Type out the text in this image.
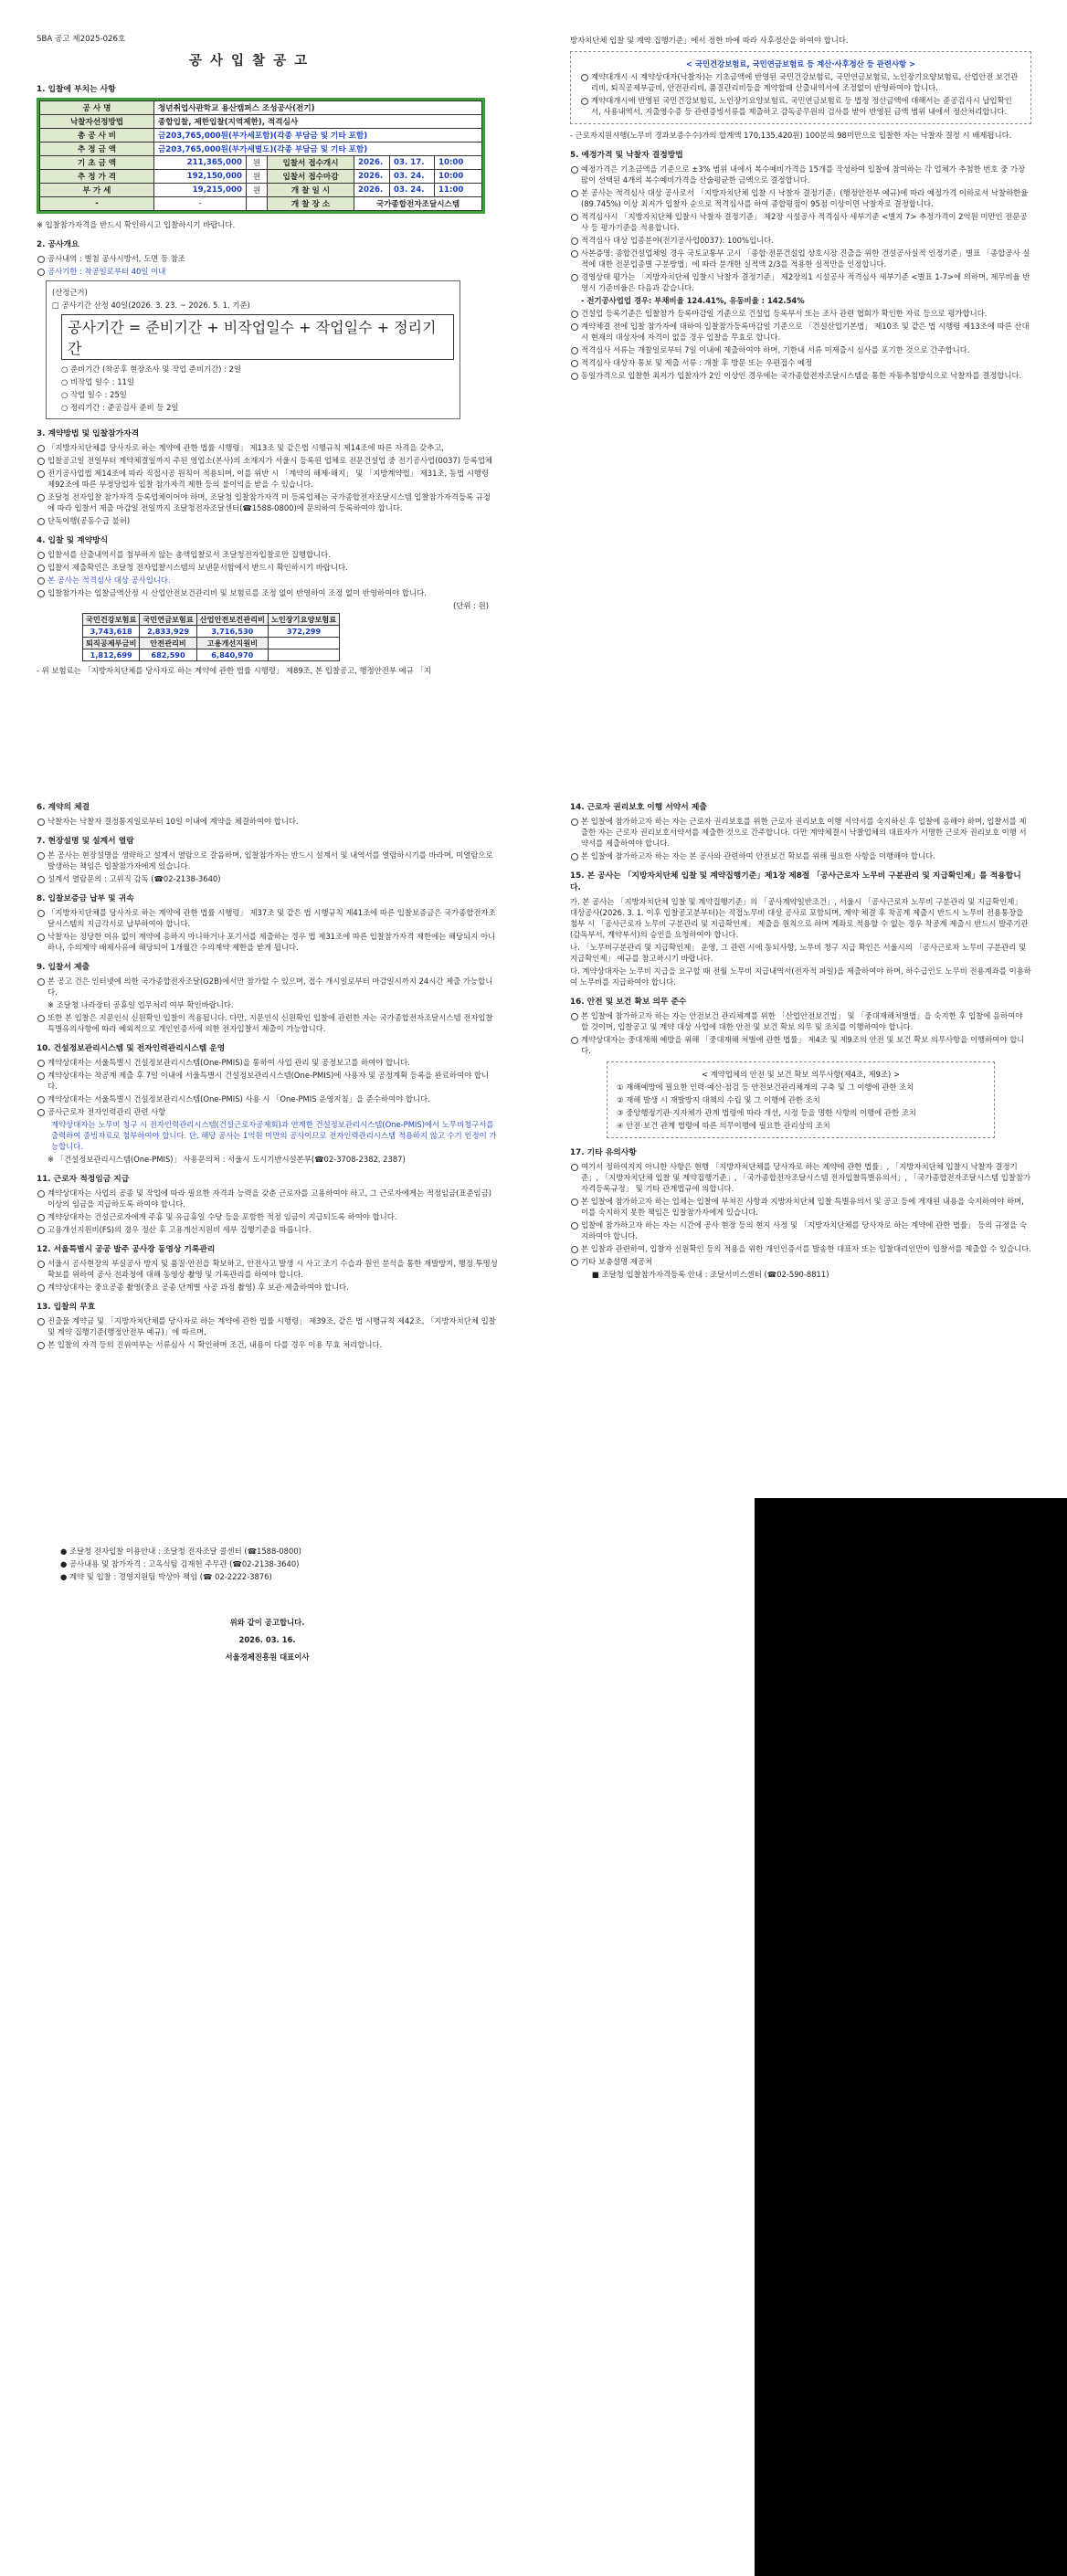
SBA 공고 제2025-026호
공 사 입 찰 공 고
1. 입찰에 부치는 사항
공 사 명	청년취업사관학교 용산캠퍼스 조성공사(전기)					
낙찰자선정방법	종합입찰, 제한입찰(지역제한), 적격심사					
총 공 사 비	금203,765,000원(부가세포함)(각종 부담금 및 기타 포함)					
추 정 금 액	금203,765,000원(부가세별도)(각종 부담금 및 기타 포함)					
기 초 금 액	211,365,000	원	입찰서 접수개시	2026.	03. 17.	10:00
추 정 가 격	192,150,000	원	입찰서 접수마감	2026.	03. 24.	10:00
부 가 세	19,215,000	원	개 찰 일 시	2026.	03. 24.	11:00
-	-		개 찰 장 소	국가종합전자조달시스템		
※ 입찰참가자격을 반드시 확인하시고 입찰하시기 바랍니다.
2. 공사개요
공사내역 : 별첨 공사시방서, 도면 등 참조
공사기한 : 착공일로부터 40일 이내
(산정근거)
□ 공사기간 산정 40일(2026. 3. 23. ~ 2026. 5. 1. 기준)
공사기간 = 준비기간 + 비작업일수 + 작업일수 + 정리기간
○ 준비기간 (착공후 현장조사 및 작업 준비기간) : 2일
○ 비작업 일수 : 11일
○ 작업 일수 : 25일
○ 정리기간 : 준공검사 준비 등 2일
3. 계약방법 및 입찰참가자격
「지방자치단체를 당사자로 하는 계약에 관한 법률 시행령」 제13조 및 같은법 시행규칙 제14조에 따른 자격을 갖추고,
입찰공고일 전일부터 계약체결일까지 주된 영업소(본사)의 소재지가 서울시 등록된 업체로 전문건설업 중 전기공사업(0037) 등록업체
전기공사업법 제14조에 따라 직접시공 원칙이 적용되며, 이를 위반 시 「계약의 해제·해지」 및 「지방계약법」 제31조, 동법 시행령 제92조에 따른 부정당업자 입찰 참가자격 제한 등의 불이익을 받을 수 있습니다.
조달청 전자입찰 참가자격 등록업체이어야 하며, 조달청 입찰참가자격 미 등록업체는 국가종합전자조달시스템 입찰참가자격등록 규정에 따라 입찰서 제출 마감일 전일까지 조달청전자조달센터(☎1588-0800)에 문의하여 등록하여야 합니다.
단독이행(공동수급 불허)
4. 입찰 및 계약방식
입찰서를 산출내역서를 첨부하지 않는 총액입찰로서 조달청전자입찰로만 집행합니다.
입찰서 제출확인은 조달청 전자입찰시스템의 보낸문서함에서 반드시 확인하시기 바랍니다.
본 공사는 적격심사 대상 공사입니다.
입찰참가자는 입찰금액산정 시 산업안전보건관리비 및 보험료를 조정 없이 반영하여 조정 없이 반영하여야 합니다.
(단위 : 원)
국민건강보험료	국민연금보험료	산업안전보건관리비	노인장기요양보험료
3,743,618	2,833,929	3,716,530	372,299
퇴직공제부금비	안전관리비	고용개선지원비	
1,812,699	682,590	6,840,970	
- 위 보험료는 「지방자치단체를 당사자로 하는 계약에 관한 법률 시행령」 제89조, 본 입찰공고, 행정안전부 예규 「지
방자치단체 입찰 및 계약 집행기준」에서 정한 바에 따라 사후정산을 하여야 합니다.
< 국민건강보험료, 국민연금보험료 등 계산·사후정산 등 관련사항 >
계약대개시 시 계약상대자(낙찰자)는 기초금액에 반영된 국민건강보험료, 국민연금보험료, 노인장기요양보험료, 산업안전 보건관리비, 퇴직공제부금비, 안전관리비, 품질관리비등을 계약할때 산출내역서에 조정없이 반영하여야 합니다.
계약대개시에 반영된 국민건강보험료, 노인장기요양보험료, 국민연금보험료 등 법정 정산금액에 대해서는 준공검사시 납입확인서, 사용내역서, 지출영수증 등 관련증빙서류를 제출하고 감독공무원의 검사를 받아 반영된 금액 범위 내에서 정산처리합니다.
- 근로자지원시행(노무비 경과보증수수)가의 합계액 170,135,420원) 100분의 98미만으로 입찰한 자는 낙찰자 결정 시 배제됩니다.
5. 예정가격 및 낙찰자 결정방법
예정가격은 기초금액을 기준으로 ±3% 범위 내에서 복수예비가격을 15개를 작성하여 입찰에 참여하는 각 업체가 추첨한 번호 중 가장 많이 선택된 4개의 복수예비가격을 산술평균한 금액으로 결정합니다.
본 공사는 적격심사 대상 공사로서 「지방자치단체 입찰 시 낙찰자 결정기준」(행정안전부 예규)에 따라 예정가격 이하로서 낙찰하한율(89.745%) 이상 최저가 입찰자 순으로 적격심사를 하여 종합평점이 95점 이상이면 낙찰자로 결정합니다.
적격심사시 「지방자치단체 입찰시 낙찰자 결정기준」 제2장 시설공사 적격심사 세부기준 <별지 7> 추정가격이 2억원 미만인 전문공사 등 평가기준을 적용합니다.
적격심사 대상 업종분야(전기공사업0037): 100%입니다.
사본증명: 종합건설업체일 경우 국토교통부 고시 「종합·전문건설업 상호시장 진출을 위한 건설공사실적 인정기준」별표 「종합공사 실적에 대한 전문업종별 구분방법」에 따라 분개한 실적액 2/3를 적용한 실적만을 인정합니다.
경영상태 평가는 「지방자치단체 입찰시 낙찰자 결정기준」 제2장의1 시설공사 적격심사 세부기준 <별표 1-7>에 의하며, 제무비율 반영시 기준비율은 다음과 같습니다.
- 전기공사업업 경우: 부채비율 124.41%, 유동비율 : 142.54%
건설업 등록기준은 입찰참가 등록마감일 기준으로 건설업 등록부서 또는 조사 관련 협회가 확인한 자료 등으로 평가합니다.
계약체결 전에 입찰 참가자에 대하여 입찰참가등록마감일 기준으로 「건설산업기본법」 제10조 및 같은 법 시행령 제13조에 따른 산대시 현재의 대상자에 자격이 없을 경우 입찰을 무효로 합니다.
적격심사 서류는 개찰일로부터 7일 이내에 제출하여야 하며, 기한내 서류 미제출시 심사를 포기한 것으로 간주합니다.
적격심사 대상자 통보 및 제출 서류 : 개찰 후 방문 또는 우편접수 예정
동일가격으로 입찰한 최저가 입찰자가 2인 이상인 경우에는 국가종합전자조달시스템을 통한 자동추첨방식으로 낙찰자를 결정합니다.
6. 계약의 체결
낙찰자는 낙찰자 결정통지일로부터 10일 이내에 계약을 체결하여야 합니다.
7. 현장설명 및 설계서 열람
본 공사는 현장설명을 생략하고 설계서 열람으로 갈음하며, 입찰참가자는 반드시 설계서 및 내역서를 열람하시기를 바라며, 미열람으로 발생하는 책임은 입찰참가자에게 있습니다.
설계서 열람문의 : 고위직 감독 (☎02-2138-3640)
8. 입찰보증금 납부 및 귀속
「지방자치단체를 당사자로 하는 계약에 관한 법률 시행령」 제37조 및 같은 법 시행규칙 제41조에 따른 입찰보증금은 국가종합전자조달시스템의 지급각서로 납부하여야 합니다.
낙찰자는 정당한 이유 없이 계약에 응하지 아니하거나 포기서를 제출하는 경우 법 제31조에 따른 입찰참가자격 제한에는 해당되지 아니하나, 수의계약 배제사유에 해당되어 1개월간 수의계약 제한을 받게 됩니다.
9. 입찰서 제출
본 공고 건은 인터넷에 의한 국가종합전자조달(G2B)에서만 참가할 수 있으며, 접수 개시일로부터 마감일시까지 24시간 제출 가능합니다.
※ 조달청 나라장터 공휴일 업무처리 여부 확인바랍니다.
또한 본 입찰은 지문인식 신원확인 입찰이 적용됩니다. 다만, 지문인식 신원확인 입찰에 관련한 자는 국가종합전자조달시스템 전자입찰 특별유의사항에 따라 예외적으로 개인인증서에 의한 전자입찰서 제출이 가능합니다.
10. 건설정보관리시스템 및 전자인력관리시스템 운영
계약상대자는 서울특별시 건설정보관리시스템(One-PMIS)을 통하여 사업 관리 및 공정보고를 하여야 합니다.
계약상대자는 착공계 제출 후 7일 이내에 서울특별시 건설정보관리시스템(One-PMIS)에 사용자 및 공정계획 등록을 완료하여야 합니다.
계약상대자는 서울특별시 건설정보관리시스템(One-PMIS) 사용 시 「One-PMIS 운영지침」을 준수하여야 합니다.
공사근로자 전자인력관리 관련 사항
계약상대자는 노무비 청구 시 전자인력관리시스템(건설근로자공제회)과 연계한 건설정보관리시스템(One-PMIS)에서 노무비청구서를 출력하여 증빙자료로 첨부하여야 합니다. 단, 해당 공사는 1억원 미만의 공사이므로 전자인력관리시스템 적용하지 않고 수기 인정이 가능합니다.
※ 「건설정보관리시스템(One-PMIS)」 사용문의처 : 서울시 도시기반시설본부(☎02-3708-2382, 2387)
11. 근로자 적정임금 지급
계약상대자는 사업의 공종 및 작업에 따라 필요한 자격과 능력을 갖춘 근로자를 고용하여야 하고, 그 근로자에게는 적정임금(표준임금) 이상의 임금을 지급하도록 하여야 합니다.
계약상대자는 건설근로자에게 주휴 및 유급휴일 수당 등을 포함한 적정 임금이 지급되도록 하여야 합니다.
고용개선지원비(FS)의 경우 정산 후 고용개선지원비 세부 집행기준을 따릅니다.
12. 서울특별시 공공 발주 공사장 동영상 기록관리
서울시 공사현장의 부실공사 방지 및 품질·안전을 확보하고, 안전사고 발생 시 사고 조기 수습과 원인 분석을 통한 재발방지, 행정 투명성 확보를 위하여 공사 전과정에 대해 동영상 촬영 및 기록관리를 하여야 합니다.
계약상대자는 중요공종 촬영(중요 공종 단계별 사공 과정 촬영) 후 보관·제출하여야 합니다.
13. 입찰의 무효
진출물 계약금 및 「지방자치단체를 당사자로 하는 계약에 관한 법률 시행령」 제39조, 같은 법 시행규칙 제42조, 「지방자치단체 입찰 및 계약 집행기준(행정안전부 예규)」에 따르며,
본 입찰의 자격 등의 진위여부는 서류심사 시 확인하며 조건, 내용이 다를 경우 이용 무효 처리합니다.
14. 근로자 권리보호 이행 서약서 제출
본 입찰에 참가하고자 하는 자는 근로자 권리보호를 위한 근로자 권리보호 이행 서약서를 숙지하신 후 입찰에 응해야 하며, 입찰서를 제출한 자는 근로자 권리보호서약서를 제출한 것으로 간주합니다. 다만 계약체결시 낙찰업체의 대표자가 서명한 근로자 권리보호 이행 서약서를 제출하여야 합니다.
본 입찰에 참가하고자 하는 자는 본 공사와 관련하여 안전보건 확보를 위해 필요한 사항을 이행해야 합니다.
15. 본 공사는 「지방자치단체 입찰 및 계약집행기준」제1장 제8절 「공사근로자 노무비 구분관리 및 지급확인제」를 적용합니다.
가. 본 공사는 「지방자치단체 입찰 및 계약집행기준」의 「공사계약일반조건」, 서울시 「공사근로자 노무비 구분관리 및 지급확인제」 대상공사(2026. 3. 1. 이후 입찰공고분부터)는 직접노무비 대상 공사로 포함되며, 계약 체결 후 착공계 제출시 반드시 노무비 전용통장을 첨부 시 「공사근로자 노무비 구분관리 및 지급확인제」 제출을 원칙으로 하며 계좌로 적용할 수 없는 경우 착공계 제출시 반드시 발주기관(감독부서, 계약부서)의 승인을 요청하여야 합니다.
나. 「노무비구분관리 및 지급확인제」 운영, 그 관련 시에 동되사항, 노무비 청구 지급 확인은 서울시의 「공사근로자 노무비 구분관리 및 지급확인제」 예규를 참고하시기 바랍니다.
다. 계약상대자는 노무비 지급을 요구할 때 전월 노무비 지급내역서(전자적 파일)을 제출하여야 하며, 하수급인도 노무비 전용계좌를 이용하여 노무비를 지급하여야 합니다.
16. 안전 및 보건 확보 의무 준수
본 입찰에 참가하고자 하는 자는 안전보건 관리체계를 위한 「산업안전보건법」 및 「중대재해처벌법」을 숙지한 후 입찰에 응하여야 할 것이며, 입찰공고 및 계약 대상 사업에 대한 안전 및 보건 확보 의무 및 조치를 이행하여야 합니다.
계약상대자는 중대재해 예방을 위해 「중대재해 처벌에 관한 법률」 제4조 및 제9조의 안전 및 보건 확보 의무사항을 이행하여야 합니다.
< 계약업체의 안전 및 보건 확보 의무사항(제4조, 제9조) >
① 재해예방에 필요한 인력·예산·점검 등 안전보건관리체계의 구축 및 그 이행에 관한 조치
② 재해 발생 시 재발방지 대책의 수립 및 그 이행에 관한 조치
③ 중앙행정기관·지자체가 관계 법령에 따라 개선, 시정 등을 명한 사항의 이행에 관한 조치
④ 안전·보건 관계 법령에 따른 의무이행에 필요한 관리상의 조치
17. 기타 유의사항
여기서 정하여지지 아니한 사항은 현행 「지방자치단체를 당사자로 하는 계약에 관한 법률」, 「지방자치단체 입찰시 낙찰자 결정기준」, 「지방자치단체 입찰 및 계약집행기준」, 「국가종합전자조달시스템 전자입찰특별유의서」, 「국가종합전자조달시스템 입찰참가자격등록규정」 및 기타 관계법규에 의합니다.
본 입찰에 참가하고자 하는 업체는 입찰에 부쳐진 사항과 지방자치단체 입찰 특별유의서 및 공고 등에 게재된 내용을 숙지하여야 하며, 이를 숙지하지 못한 책임은 입찰참가자에게 있습니다.
입찰에 참가하고자 하는 자는 시간에 공사 현장 등의 현지 사정 및 「지방자치단체를 당사자로 하는 계약에 관한 법률」 등의 규정을 숙지하여야 합니다.
본 입찰과 관련하여, 입찰자 신원확인 등의 적용을 위한 개인인증서를 발송한 대표자 또는 입찰대리인만이 입찰서를 제출할 수 있습니다.
기타 보충설명 제공처
■ 조달청 입찰참가자격등록 안내 : 조달서비스센터 (☎02-590-8811)
● 조달청 전자입찰 이용안내 : 조달청 전자조달 콜센터 (☎1588-0800)
● 공사내용 및 참가자격 : 고옥식팀 김재헌 주무관 (☎02-2138-3640)
● 계약 및 입찰 : 경영지원팀 박상아 책임 (☎ 02-2222-3876)
위와 같이 공고합니다.
2026. 03. 16.
서울경제진흥원 대표이사
